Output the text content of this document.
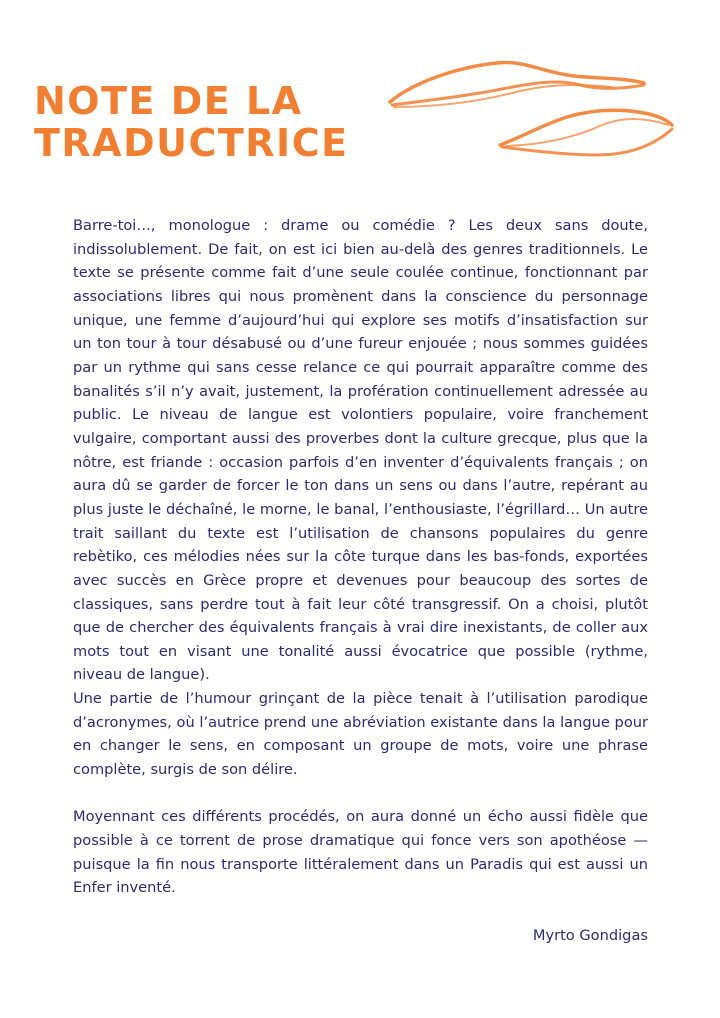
NOTE DE LA
TRADUCTRICE

Barre-toi…, monologue : drame ou comédie ? Les deux sans doute, indissolublement. De fait, on est ici bien au-delà des genres traditionnels. Le texte se présente comme fait d’une seule coulée continue, fonctionnant par associations libres qui nous promènent dans la conscience du personnage unique, une femme d’aujourd’hui qui explore ses motifs d’insatisfaction sur un ton tour à tour désabusé ou d’une fureur enjouée ; nous sommes guidées par un rythme qui sans cesse relance ce qui pourrait apparaître comme des banalités s’il n’y avait, justement, la profération continuellement adressée au public. Le niveau de langue est volontiers populaire, voire franchement vulgaire, comportant aussi des proverbes dont la culture grecque, plus que la nôtre, est friande : occasion parfois d’en inventer d’équivalents français ; on aura dû se garder de forcer le ton dans un sens ou dans l’autre, repérant au plus juste le déchaîné, le morne, le banal, l’enthousiaste, l’égrillard… Un autre trait saillant du texte est l’utilisation de chansons populaires du genre rebètiko, ces mélodies nées sur la côte turque dans les bas-fonds, exportées avec succès en Grèce propre et devenues pour beaucoup des sortes de classiques, sans perdre tout à fait leur côté transgressif. On a choisi, plutôt que de chercher des équivalents français à vrai dire inexistants, de coller aux mots tout en visant une tonalité aussi évocatrice que possible (rythme, niveau de langue).

Une partie de l’humour grinçant de la pièce tenait à l’utilisation parodique d’acronymes, où l’autrice prend une abréviation existante dans la langue pour en changer le sens, en composant un groupe de mots, voire une phrase complète, surgis de son délire.

Moyennant ces différents procédés, on aura donné un écho aussi fidèle que possible à ce torrent de prose dramatique qui fonce vers son apothéose — puisque la fin nous transporte littéralement dans un Paradis qui est aussi un Enfer inventé.

Myrto Gondigas
